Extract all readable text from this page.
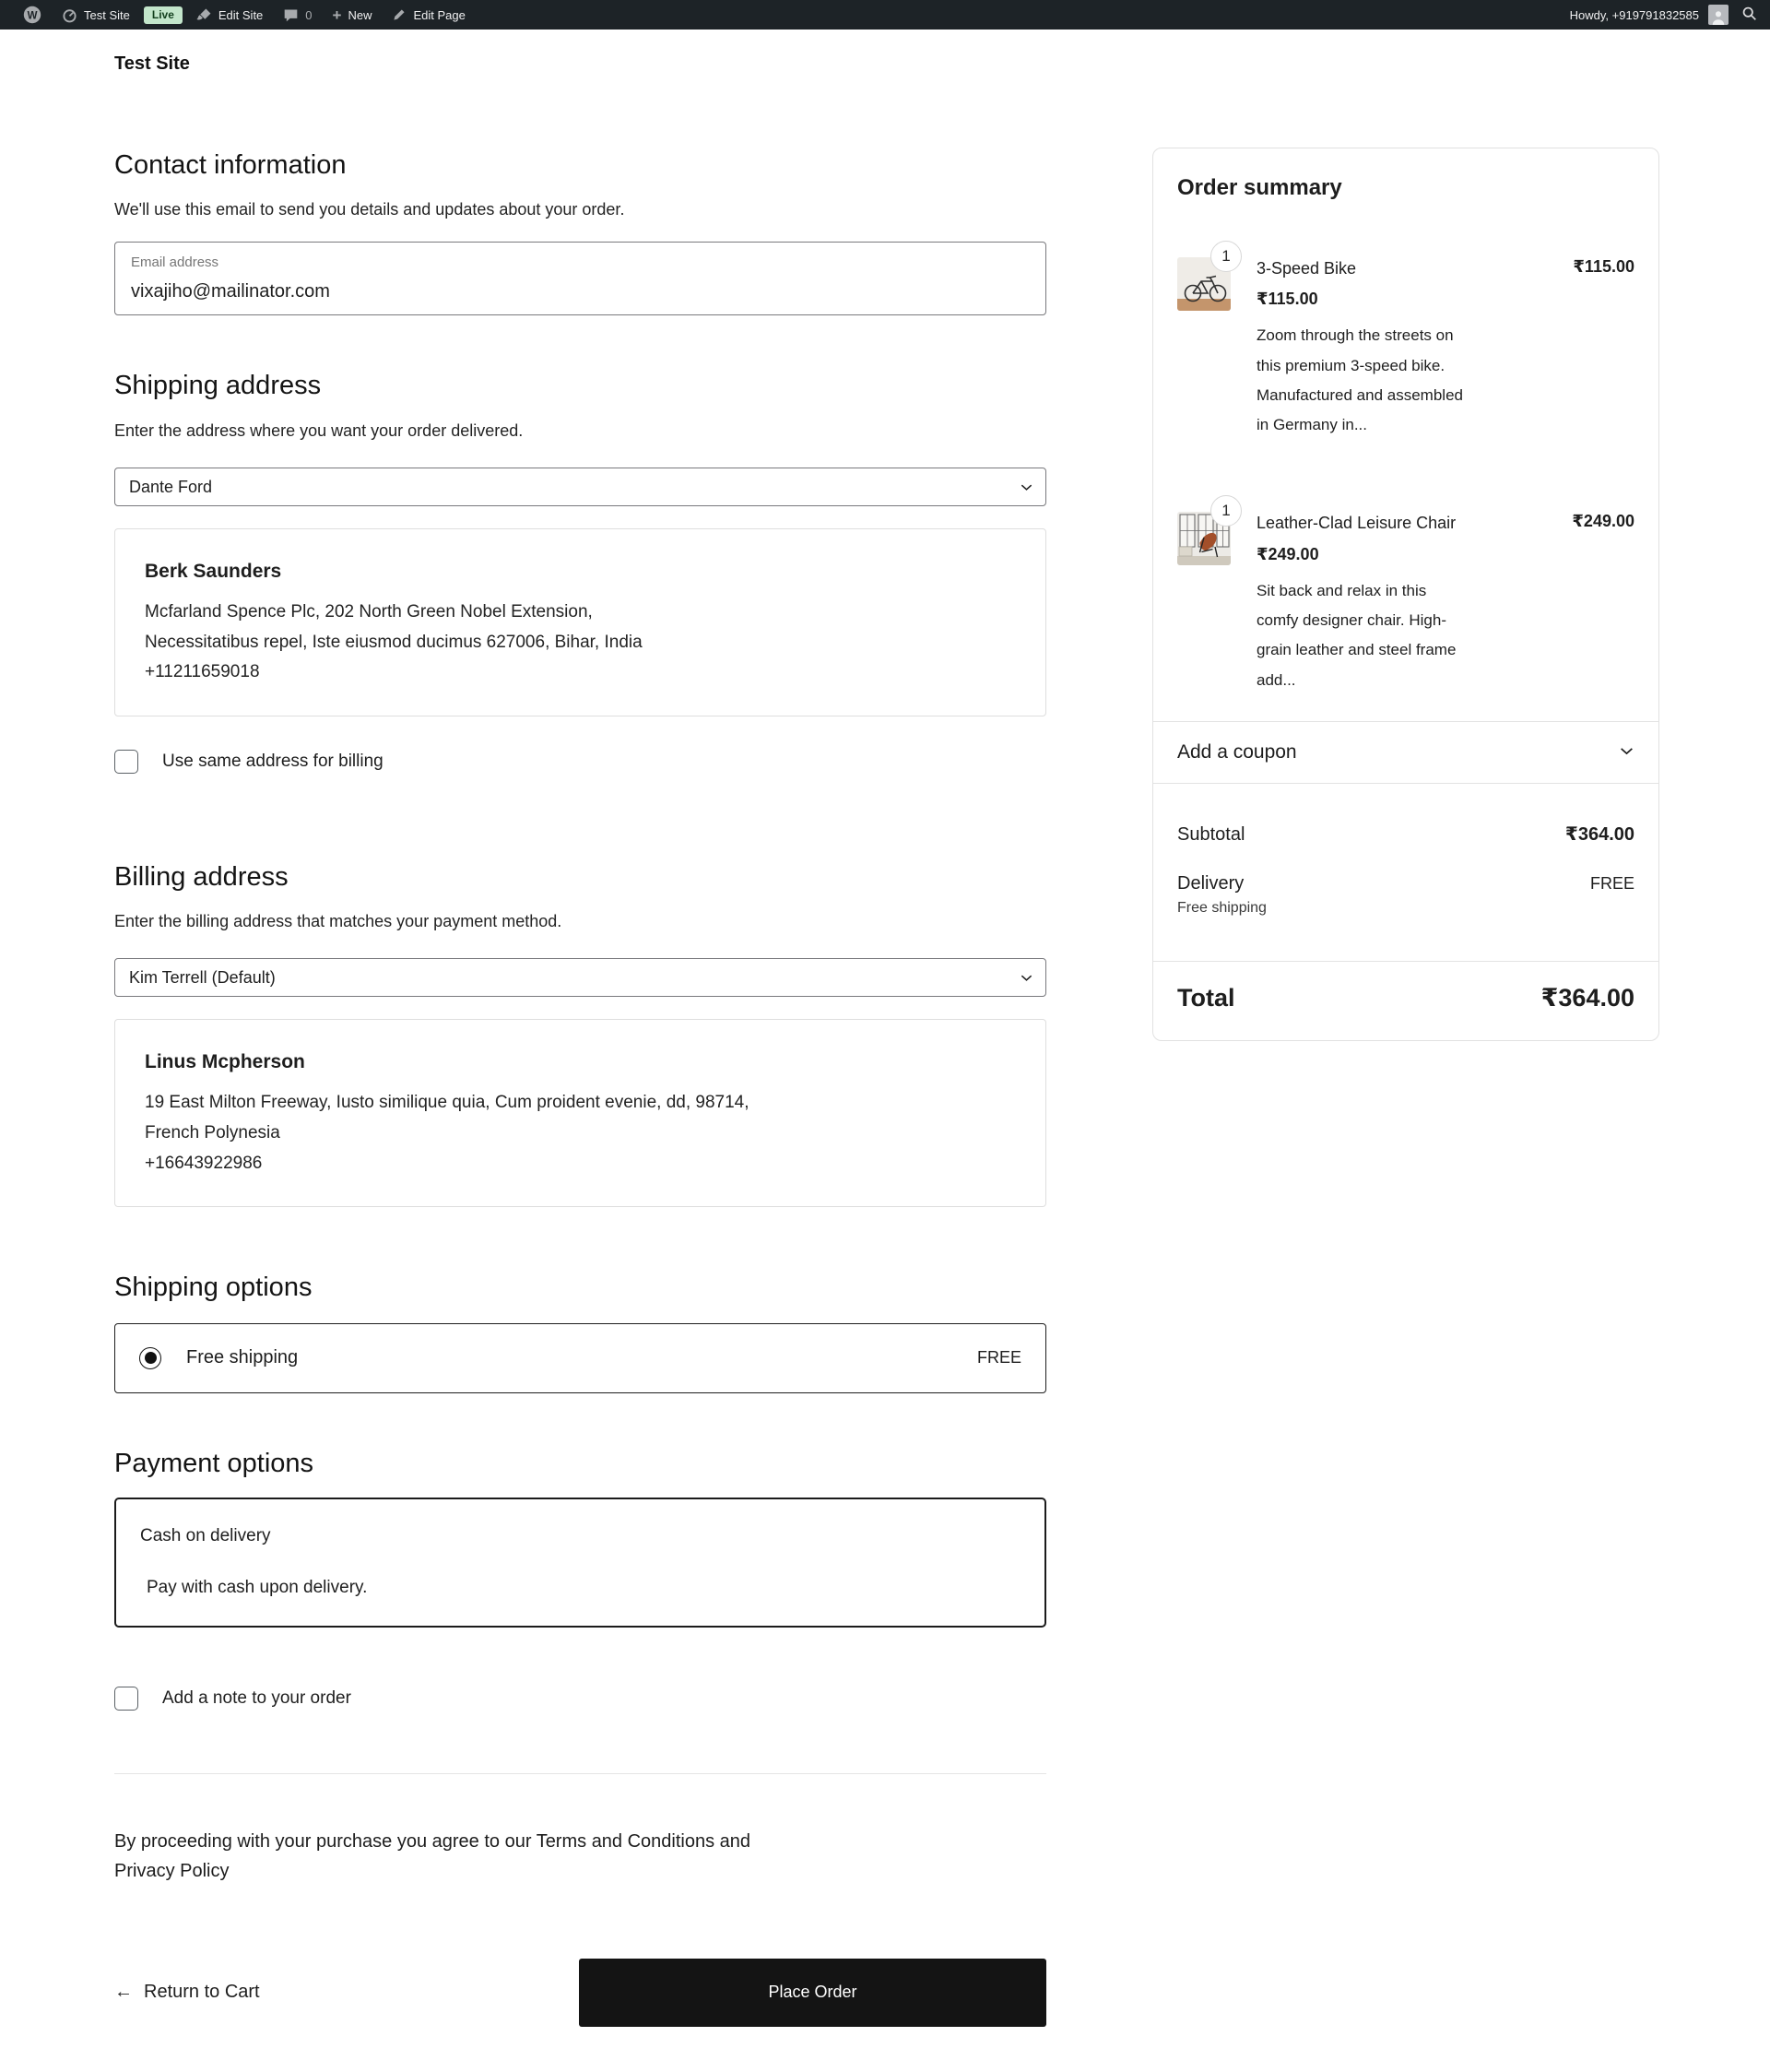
W	Test Site	Live	Edit Site	0 + New	Edit Page	Howdy, +919791832585
Test Site
Contact information

We'll use this email to send you details and updates about your order.

Email address
vixajiho@mailinator.com
Shipping address

Enter the address where you want your order delivered.

Dante Ford
Berk Saunders
Mcfarland Spence Plc, 202 North Green Nobel Extension,
Necessitatibus repel, Iste eiusmod ducimus 627006, Bihar, India
+11211659018
Use same address for billing
Billing address

Enter the billing address that matches your payment method.

Kim Terrell (Default)
Linus Mcpherson
19 East Milton Freeway, Iusto similique quia, Cum proident evenie, dd, 98714,
French Polynesia
+16643922986
Shipping options
Free shipping	FREE
Payment options
Cash on delivery
Pay with cash upon delivery.
Add a note to your order

By proceeding with your purchase you agree to our Terms and Conditions and Privacy Policy

← Return to Cart	Place Order
Order summary
1
3-Speed Bike	₹115.00
₹115.00
Zoom through the streets on this premium 3-speed bike. Manufactured and assembled in Germany in...
1
Leather-Clad Leisure Chair	₹249.00
₹249.00
Sit back and relax in this comfy designer chair. High-grain leather and steel frame add...
Add a coupon
Subtotal	₹364.00
Delivery	FREE
Free shipping
Total	₹364.00
